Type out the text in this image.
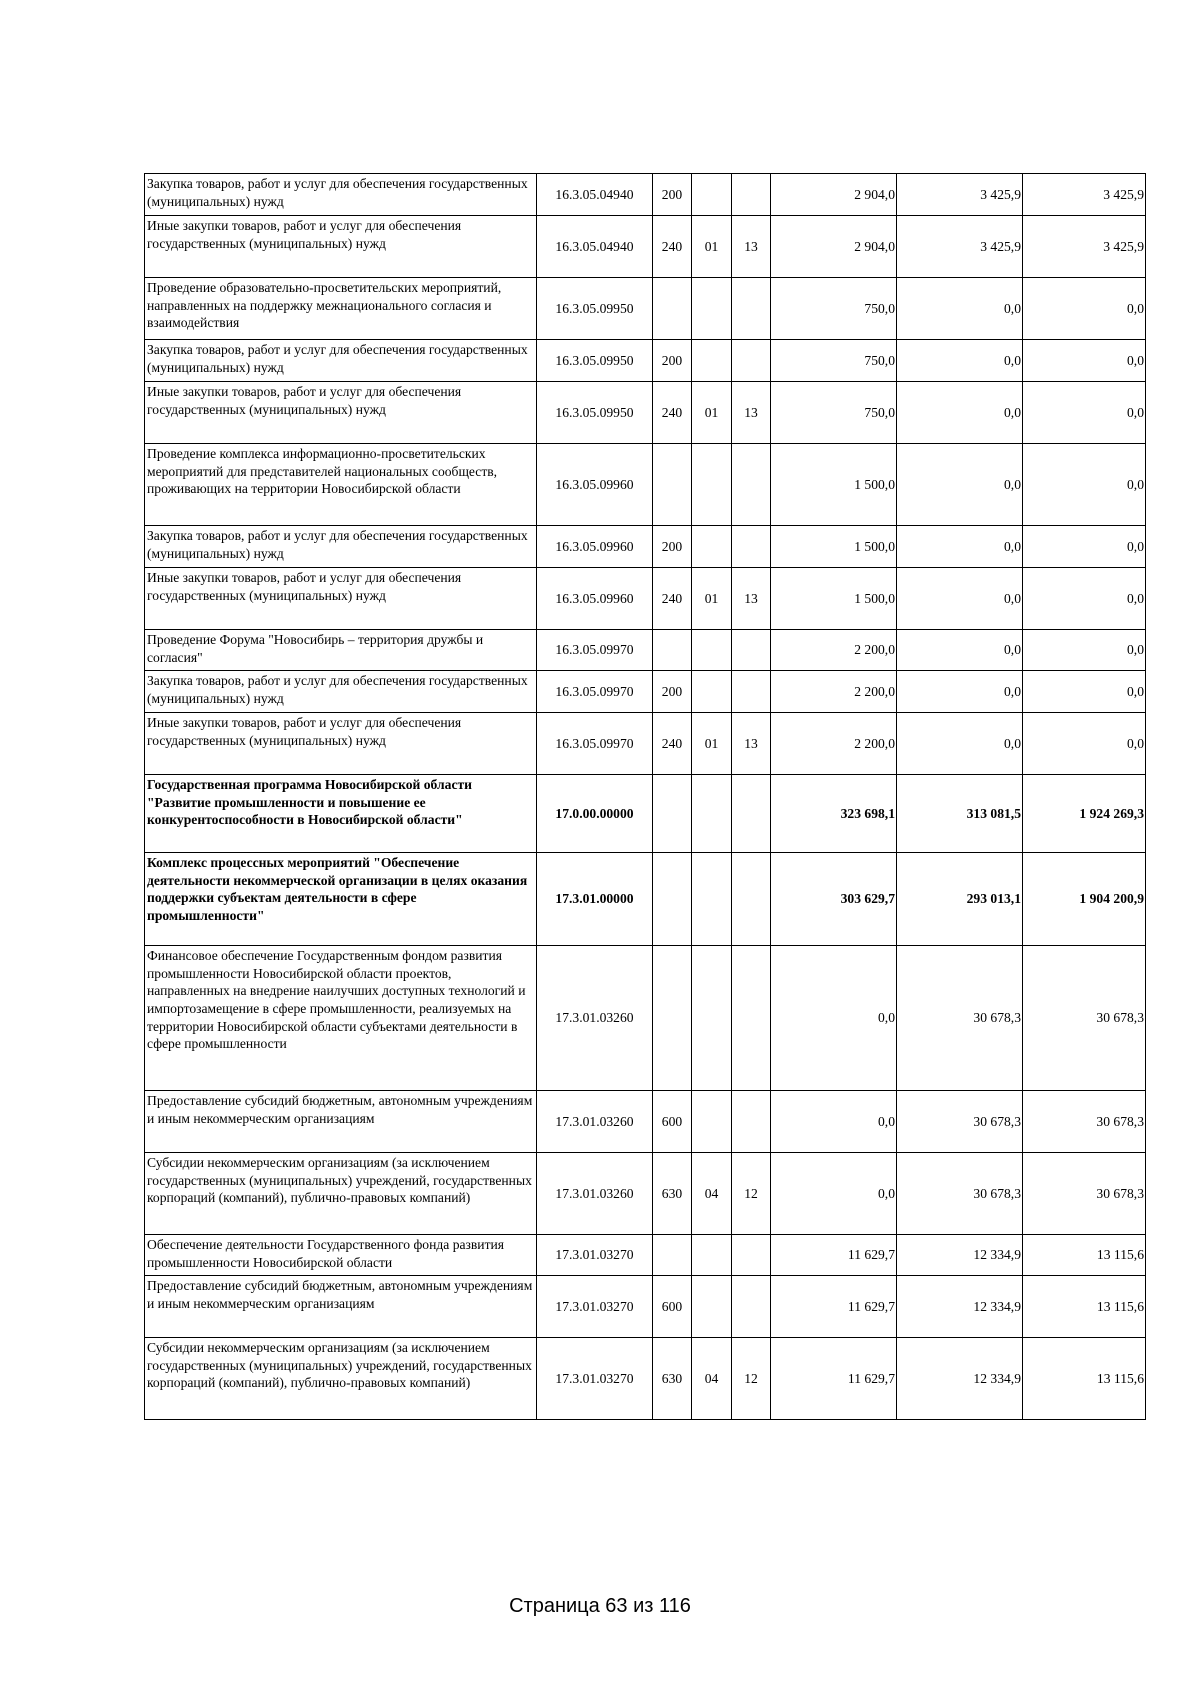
Закупка товаров, работ и услуг для обеспечения государственных (муниципальных) нужд	16.3.05.04940	200			2 904,0	3 425,9	3 425,9
Иные закупки товаров, работ и услуг для обеспечения государственных (муниципальных) нужд	16.3.05.04940	240	01	13	2 904,0	3 425,9	3 425,9
Проведение образовательно-просветительских мероприятий, направленных на поддержку межнационального согласия и взаимодействия	16.3.05.09950				750,0	0,0	0,0
Закупка товаров, работ и услуг для обеспечения государственных (муниципальных) нужд	16.3.05.09950	200			750,0	0,0	0,0
Иные закупки товаров, работ и услуг для обеспечения государственных (муниципальных) нужд	16.3.05.09950	240	01	13	750,0	0,0	0,0
Проведение комплекса информационно-просветительских мероприятий для представителей национальных сообществ, проживающих на территории Новосибирской области	16.3.05.09960				1 500,0	0,0	0,0
Закупка товаров, работ и услуг для обеспечения государственных (муниципальных) нужд	16.3.05.09960	200			1 500,0	0,0	0,0
Иные закупки товаров, работ и услуг для обеспечения государственных (муниципальных) нужд	16.3.05.09960	240	01	13	1 500,0	0,0	0,0
Проведение Форума "Новосибирь – территория дружбы и согласия"	16.3.05.09970				2 200,0	0,0	0,0
Закупка товаров, работ и услуг для обеспечения государственных (муниципальных) нужд	16.3.05.09970	200			2 200,0	0,0	0,0
Иные закупки товаров, работ и услуг для обеспечения государственных (муниципальных) нужд	16.3.05.09970	240	01	13	2 200,0	0,0	0,0
Государственная программа Новосибирской области "Развитие промышленности и повышение ее конкурентоспособности в Новосибирской области"	17.0.00.00000				323 698,1	313 081,5	1 924 269,3
Комплекс процессных мероприятий "Обеспечение деятельности некоммерческой организации в целях оказания поддержки субъектам деятельности в сфере промышленности"	17.3.01.00000				303 629,7	293 013,1	1 904 200,9
Финансовое обеспечение Государственным фондом развития промышленности Новосибирской области проектов, направленных на внедрение наилучших доступных технологий и импортозамещение в сфере промышленности, реализуемых на территории Новосибирской области субъектами деятельности в сфере промышленности	17.3.01.03260				0,0	30 678,3	30 678,3
Предоставление субсидий бюджетным, автономным учреждениям и иным некоммерческим организациям	17.3.01.03260	600			0,0	30 678,3	30 678,3
Субсидии некоммерческим организациям (за исключением государственных (муниципальных) учреждений, государственных корпораций (компаний), публично-правовых компаний)	17.3.01.03260	630	04	12	0,0	30 678,3	30 678,3
Обеспечение деятельности Государственного фонда развития промышленности Новосибирской области	17.3.01.03270				11 629,7	12 334,9	13 115,6
Предоставление субсидий бюджетным, автономным учреждениям и иным некоммерческим организациям	17.3.01.03270	600			11 629,7	12 334,9	13 115,6
Субсидии некоммерческим организациям (за исключением государственных (муниципальных) учреждений, государственных корпораций (компаний), публично-правовых компаний)	17.3.01.03270	630	04	12	11 629,7	12 334,9	13 115,6
Страница 63 из 116
